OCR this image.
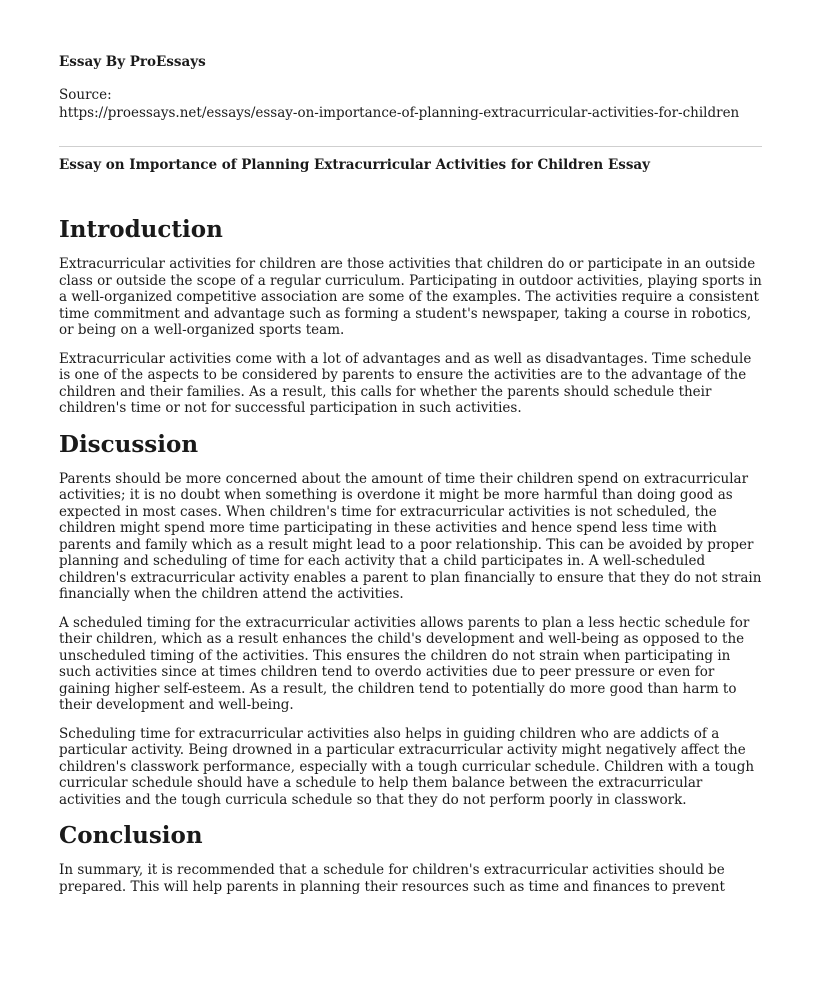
Essay By ProEssays

Source:
https://proessays.net/essays/essay-on-importance-of-planning-extracurricular-activities-for-children

Essay on Importance of Planning Extracurricular Activities for Children Essay

Introduction

Extracurricular activities for children are those activities that children do or participate in an outside class or outside the scope of a regular curriculum. Participating in outdoor activities, playing sports in a well-organized competitive association are some of the examples. The activities require a consistent time commitment and advantage such as forming a student's newspaper, taking a course in robotics, or being on a well-organized sports team.

Extracurricular activities come with a lot of advantages and as well as disadvantages. Time schedule is one of the aspects to be considered by parents to ensure the activities are to the advantage of the children and their families. As a result, this calls for whether the parents should schedule their children's time or not for successful participation in such activities.

Discussion

Parents should be more concerned about the amount of time their children spend on extracurricular activities; it is no doubt when something is overdone it might be more harmful than doing good as expected in most cases. When children's time for extracurricular activities is not scheduled, the children might spend more time participating in these activities and hence spend less time with parents and family which as a result might lead to a poor relationship. This can be avoided by proper planning and scheduling of time for each activity that a child participates in. A well-scheduled children's extracurricular activity enables a parent to plan financially to ensure that they do not strain financially when the children attend the activities.

A scheduled timing for the extracurricular activities allows parents to plan a less hectic schedule for their children, which as a result enhances the child's development and well-being as opposed to the unscheduled timing of the activities. This ensures the children do not strain when participating in such activities since at times children tend to overdo activities due to peer pressure or even for gaining higher self-esteem. As a result, the children tend to potentially do more good than harm to their development and well-being.

Scheduling time for extracurricular activities also helps in guiding children who are addicts of a particular activity. Being drowned in a particular extracurricular activity might negatively affect the children's classwork performance, especially with a tough curricular schedule. Children with a tough curricular schedule should have a schedule to help them balance between the extracurricular activities and the tough curricula schedule so that they do not perform poorly in classwork.

Conclusion

In summary, it is recommended that a schedule for children's extracurricular activities should be prepared. This will help parents in planning their resources such as time and finances to prevent
